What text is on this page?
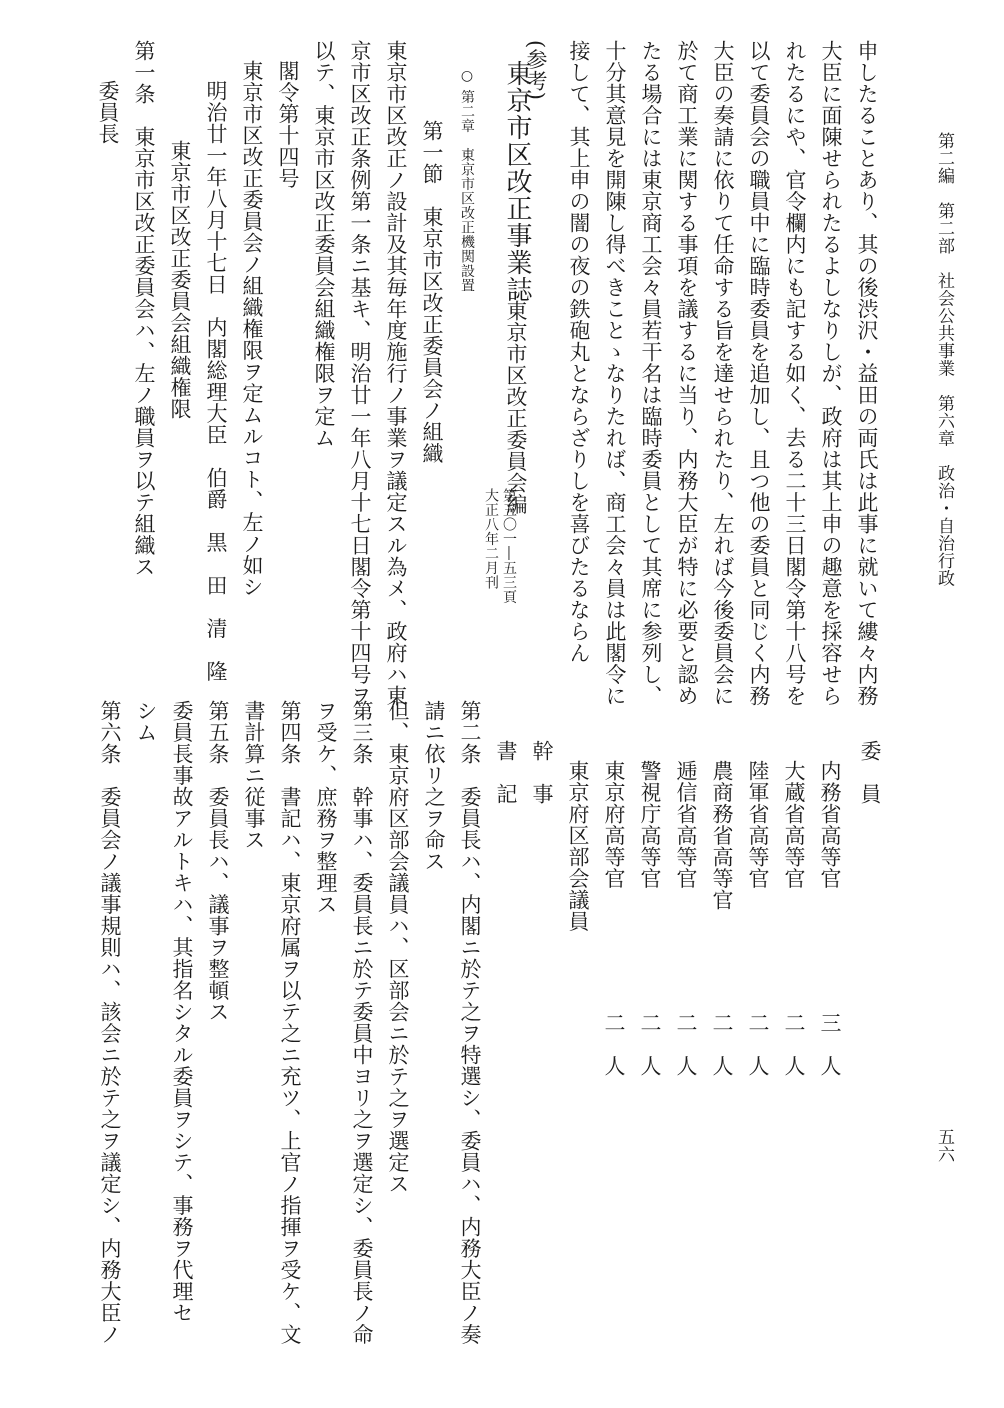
第二編　第二部　社会公共事業　第六章　政治・自治行政
五六
申したることあり、其の後渋沢・益田の両氏は此事に就いて縷々内務
大臣に面陳せられたるよしなりしが、政府は其上申の趣意を採容せら
れたるにや、官令欄内にも記する如く、去る二十三日閣令第十八号を
以て委員会の職員中に臨時委員を追加し、且つ他の委員と同じく内務
大臣の奏請に依りて任命する旨を達せられたり、左れば今後委員会に
於て商工業に関する事項を議するに当り、内務大臣が特に必要と認め
たる場合には東京商工会々員若干名は臨時委員として其席に参列し、
十分其意見を開陳し得べきことゝなりたれば、商工会々員は此閣令に
接して、其上申の闇の夜の鉄砲丸とならざりしを喜びたるならん
(参考)
東京市区改正事業誌
東京市区改正委員会編
第五〇一―五三頁
大正八年二月刊
○ 第二章　東京市区改正機関設置
第一節　東京市区改正委員会ノ組織
東京市区改正ノ設計及其毎年度施行ノ事業ヲ議定スル為メ、政府ハ東
京市区改正条例第一条ニ基キ、明治廿一年八月十七日閣令第十四号ヲ
以テ、東京市区改正委員会組織権限ヲ定ム
閣令第十四号
東京市区改正委員会ノ組織権限ヲ定ムルコト、左ノ如シ
明治廿一年八月十七日　内閣総理大臣　伯爵　黒　田　清　隆
東京市区改正委員会組織権限
第一条　東京市区改正委員会ハ、左ノ職員ヲ以テ組織ス
委員長
委　員
内務省高等官
三　人
大蔵省高等官
二　人
陸軍省高等官
二　人
農商務省高等官
二　人
逓信省高等官
二　人
警視庁高等官
二　人
東京府高等官
二　人
東京府区部会議員
幹　事
書　記
第二条　委員長ハ、内閣ニ於テ之ヲ特選シ、委員ハ、内務大臣ノ奏
請ニ依リ之ヲ命ス
但、東京府区部会議員ハ、区部会ニ於テ之ヲ選定ス
第三条　幹事ハ、委員長ニ於テ委員中ヨリ之ヲ選定シ、委員長ノ命
ヲ受ケ、庶務ヲ整理ス
第四条　書記ハ、東京府属ヲ以テ之ニ充ツ、上官ノ指揮ヲ受ケ、文
書計算ニ従事ス
第五条　委員長ハ、議事ヲ整頓ス
委員長事故アルトキハ、其指名シタル委員ヲシテ、事務ヲ代理セ
シム
第六条　委員会ノ議事規則ハ、該会ニ於テ之ヲ議定シ、内務大臣ノ
